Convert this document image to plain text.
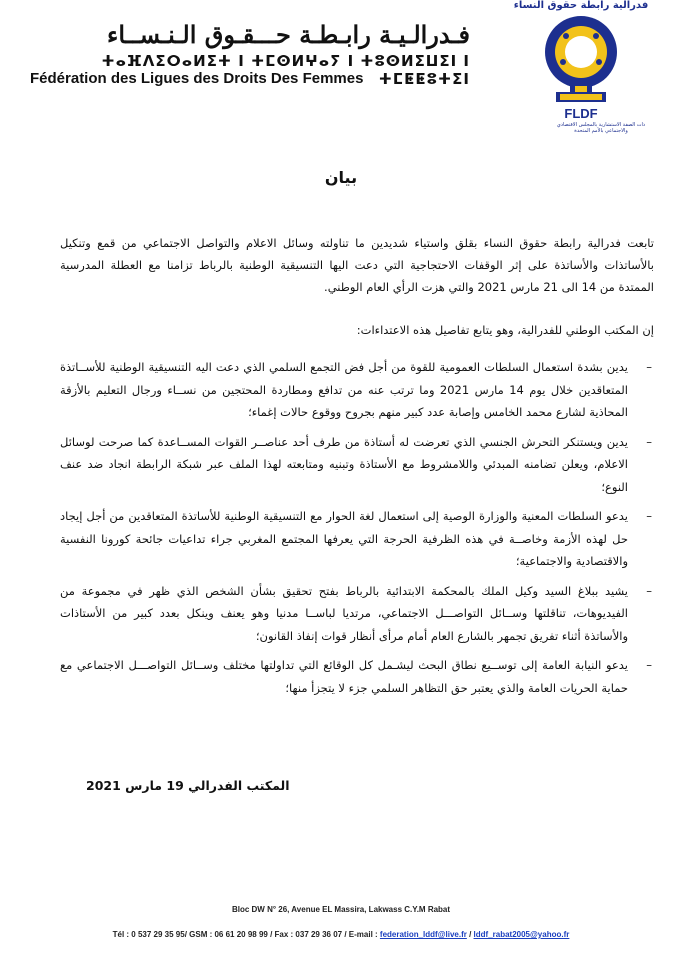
فـدرالـيـة رابـطـة حـــقـوق الـنـســاء
ⵜⴰⴼⴷⵉⵔⴰⵍⵉⵜ ⵏ ⵜⵎⵙⵍⵖⴰⵢ ⵏ ⵜⵓⵙⵍⵉⵡⵉⵏ ⵏ ⵜⵎⵟⵟⵓⵜⵉⵏ
Fédération des Ligues des Droits Des Femmes
فدرالية رابطة حقوق النساء
FLDF
ذات الصفة الاستشارية بالمجلس الاقتصادي والاجتماعي بالأمم المتحدة
بيان
تابعت فدرالية رابطة حقوق النساء بقلق واستياء شديدين ما تناولته وسائل الاعلام والتواصل الاجتماعي من قمع وتنكيل بالأساتذات والأساتذة على إثر الوقفات الاحتجاجية التي دعت اليها التنسيقية الوطنية بالرباط تزامنا مع العطلة المدرسية الممتدة من 14 الى 21 مارس 2021 والتي هزت الرأي العام الوطني.
إن المكتب الوطني للفدرالية، وهو يتابع تفاصيل هذه الاعتداءات:
–
يدين بشدة استعمال السلطات العمومية للقوة من أجل فض التجمع السلمي الذي دعت اليه التنسيقية الوطنية للأســاتذة المتعاقدين خلال يوم 14 مارس 2021 وما ترتب عنه من تدافع ومطاردة المحتجين من نســاء ورجال التعليم بالأزقة المحاذية لشارع محمد الخامس وإصابة عدد كبير منهم بجروح ووقوع حالات إغماء؛
–
يدين ويستنكر التحرش الجنسي الذي تعرضت له أستاذة من طرف أحد عناصــر القوات المســاعدة كما صرحت لوسائل الاعلام، ويعلن تضامنه المبدئي واللامشروط مع الأستاذة وتبنيه ومتابعته لهذا الملف عبر شبكة الرابطة انجاد ضد عنف النوع؛
–
يدعو السلطات المعنية والوزارة الوصية إلى استعمال لغة الحوار مع التنسيقية الوطنية للأساتذة المتعاقدين من أجل إيجاد حل لهذه الأزمة وخاصــة في هذه الظرفية الحرجة التي يعرفها المجتمع المغربي جراء تداعيات جائحة كورونا النفسية والاقتصادية والاجتماعية؛
–
يشيد ببلاغ السيد وكيل الملك بالمحكمة الابتدائية بالرباط بفتح تحقيق بشأن الشخص الذي ظهر في مجموعة من الفيديوهات، تناقلتها وســائل التواصـــل الاجتماعي، مرتديا لباســا مدنيا وهو يعنف وينكل بعدد كبير من الأستاذات والأساتذة أثناء تفريق تجمهر بالشارع العام أمام مرأى أنظار قوات إنفاذ القانون؛
–
يدعو النيابة العامة إلى توســيع نطاق البحث ليشـمل كل الوقائع التي تداولتها مختلف وســائل التواصـــل الاجتماعي مع حماية الحريات العامة والذي يعتبر حق التظاهر السلمي جزء لا يتجزأ منها؛
المكتب الفدرالي 19 مارس 2021
Bloc DW N° 26, Avenue EL Massira, Lakwass C.Y.M Rabat
Tél : 0 537 29 35 95/ GSM : 06 61 20 98 99 / Fax : 037 29 36 07 / E-mail : federation_lddf@live.fr / lddf_rabat2005@yahoo.fr
